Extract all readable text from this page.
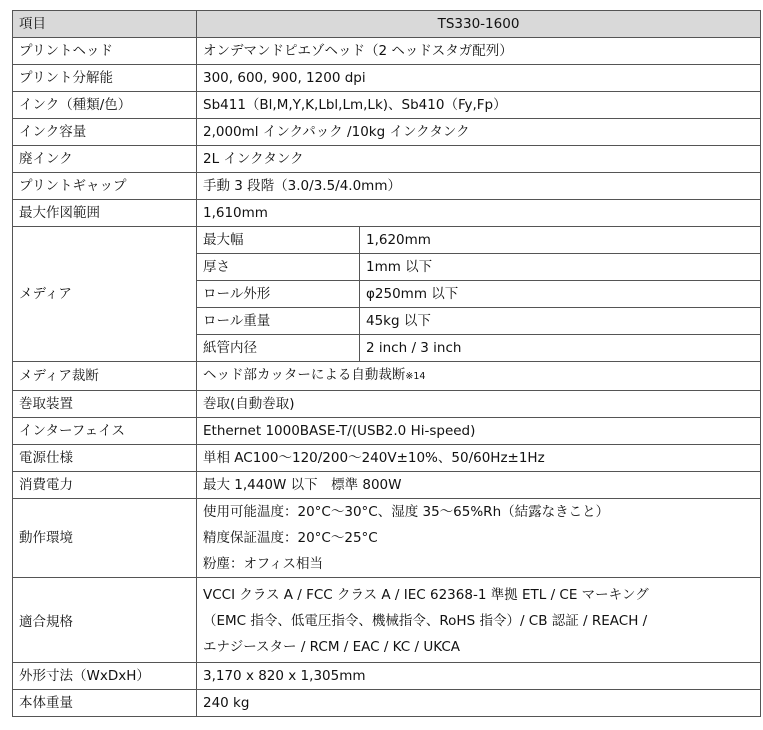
項目	TS330-1600	
プリントヘッド	オンデマンドピエゾヘッド（2 ヘッドスタガ配列）	
プリント分解能	300, 600, 900, 1200 dpi	
インク（種類/色）	Sb411（Bl,M,Y,K,Lbl,Lm,Lk)、Sb410（Fy,Fp）	
インク容量	2,000ml インクパック /10kg インクタンク	
廃インク	2L インクタンク	
プリントギャップ	手動 3 段階（3.0/3.5/4.0mm）	
最大作図範囲	1,610mm	
メディア	最大幅	1,620mm
	厚さ	1mm 以下
	ロール外形	φ250mm 以下
	ロール重量	45kg 以下
	紙管内径	2 inch / 3 inch
メディア裁断	ヘッド部カッターによる自動裁断※14	
巻取装置	巻取(自動巻取)	
インターフェイス	Ethernet 1000BASE-T/(USB2.0 Hi-speed)	
電源仕様	単相 AC100～120/200～240V±10%、50/60Hz±1Hz	
消費電力	最大 1,440W 以下　標準 800W	
動作環境	使用可能温度：20°C～30°C、湿度 35～65%Rh（結露なきこと）
精度保証温度：20°C～25°C
粉塵：オフィス相当	

適合規格	VCCI クラス A / FCC クラス A / IEC 62368-1 準拠 ETL / CE マーキング
（EMC 指令、低電圧指令、機械指令、RoHS 指令）/ CB 認証 / REACH /
エナジースター / RCM / EAC / KC / UKCA	

外形寸法（WxDxH）	3,170 x 820 x 1,305mm	
本体重量	240 kg	
